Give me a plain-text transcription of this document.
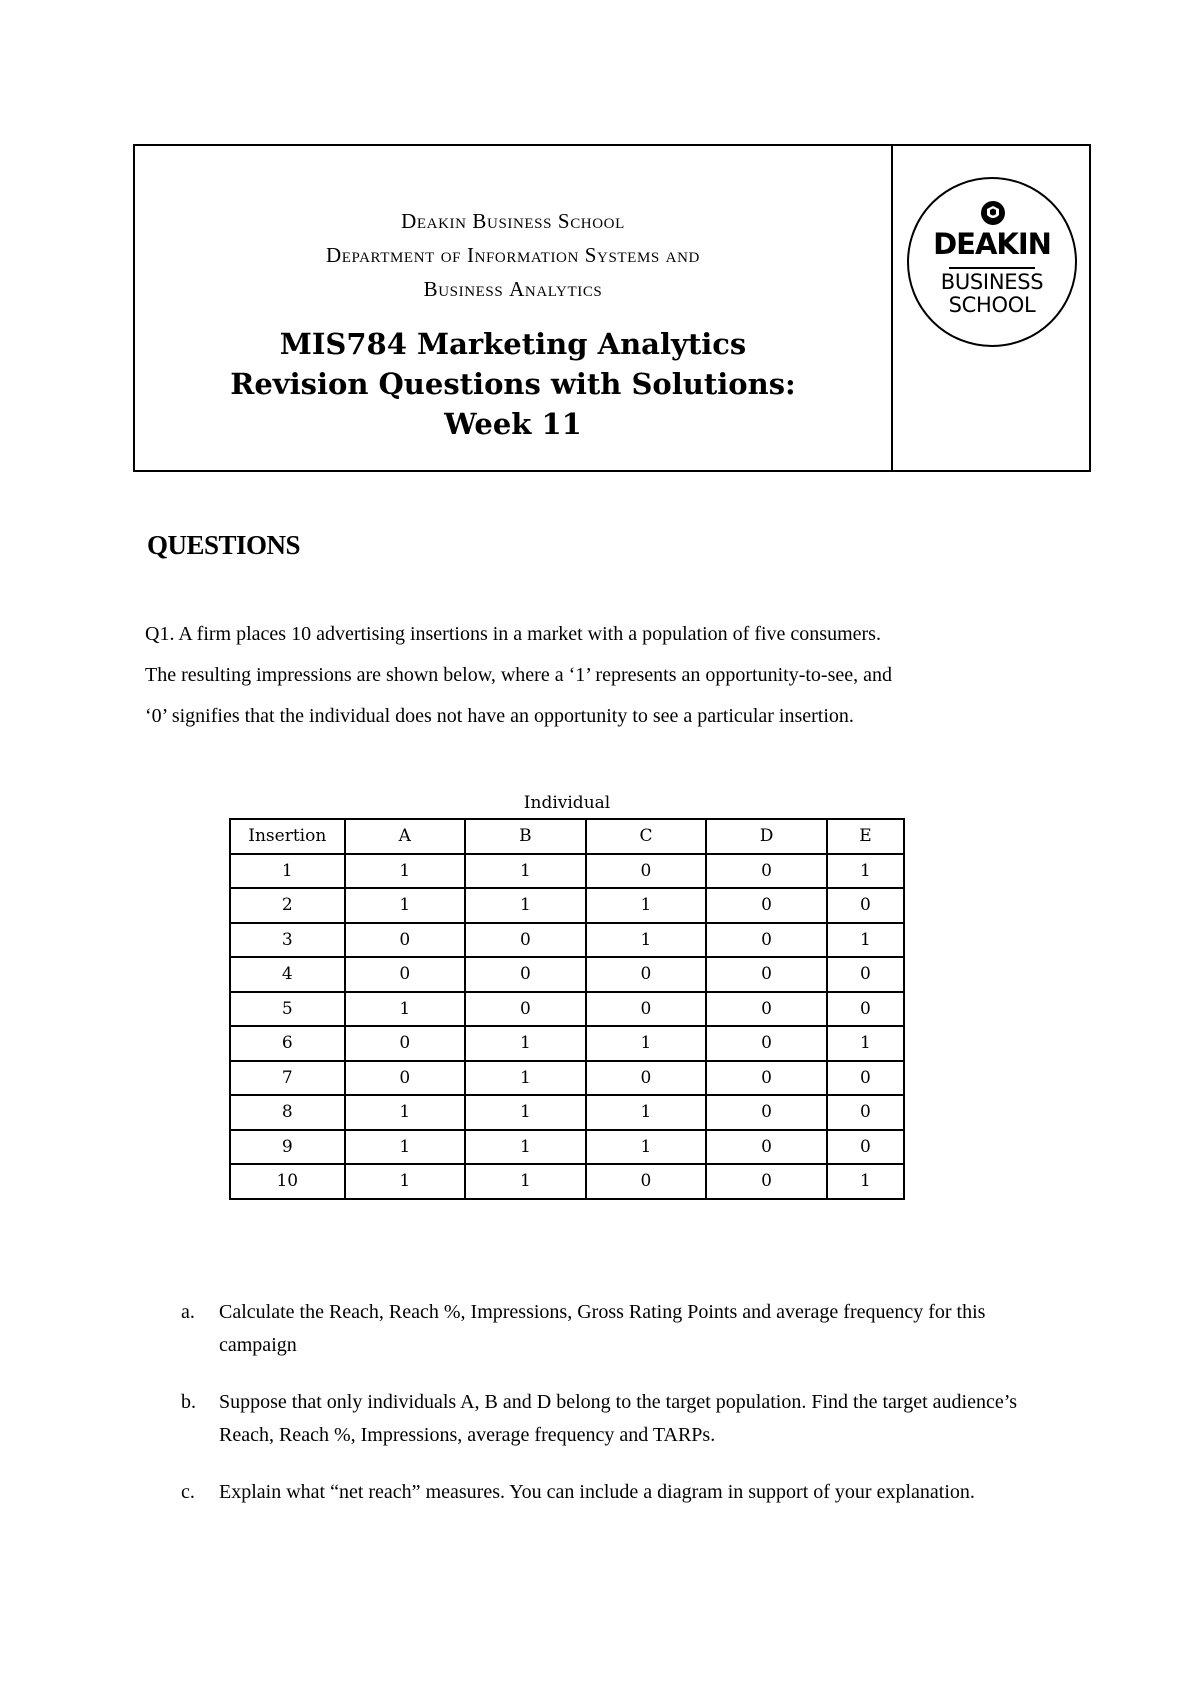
Deakin Business School
Department of Information Systems and
Business Analytics
MIS784 Marketing Analytics
Revision Questions with Solutions:
Week 11
DEAKIN
BUSINESS
SCHOOL
QUESTIONS

Q1. A firm places 10 advertising insertions in a market with a population of five consumers.

The resulting impressions are shown below, where a ‘1’ represents an opportunity-to-see, and

‘0’ signifies that the individual does not have an opportunity to see a particular insertion.

Individual
Insertion	A	B	C	D	E
1	1	1	0	0	1
2	1	1	1	0	0
3	0	0	1	0	1
4	0	0	0	0	0
5	1	0	0	0	0
6	0	1	1	0	1
7	0	1	0	0	0
8	1	1	1	0	0
9	1	1	1	0	0
10	1	1	0	0	1
a.	Calculate the Reach, Reach %, Impressions, Gross Rating Points and average frequency for this campaign
b.	Suppose that only individuals A, B and D belong to the target population. Find the target audience’s Reach, Reach %, Impressions, average frequency and TARPs.
c.	Explain what “net reach” measures. You can include a diagram in support of your explanation.
